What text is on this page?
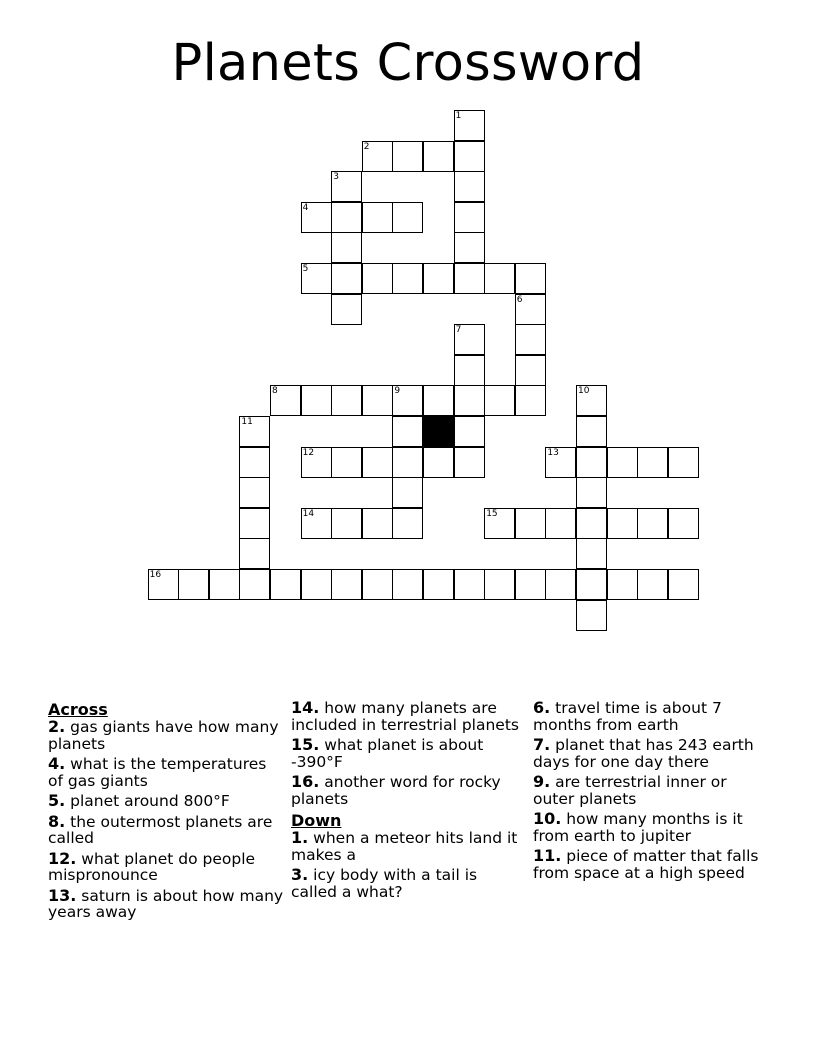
Planets Crossword
1
2
3
4
5
6
7
8	9	10
11
12	13
14	15
16
Across
2. gas giants have how many planets
4. what is the temperatures of gas giants
5. planet around 800°F
8. the outermost planets are called
12. what planet do people mispronounce
13. saturn is about how many years away
14. how many planets are included in terrestrial planets
15. what planet is about -390°F
16. another word for rocky planets
Down
1. when a meteor hits land it makes a
3. icy body with a tail is called a what?
6. travel time is about 7 months from earth
7. planet that has 243 earth days for one day there
9. are terrestrial inner or outer planets
10. how many months is it from earth to jupiter
11. piece of matter that falls from space at a high speed
